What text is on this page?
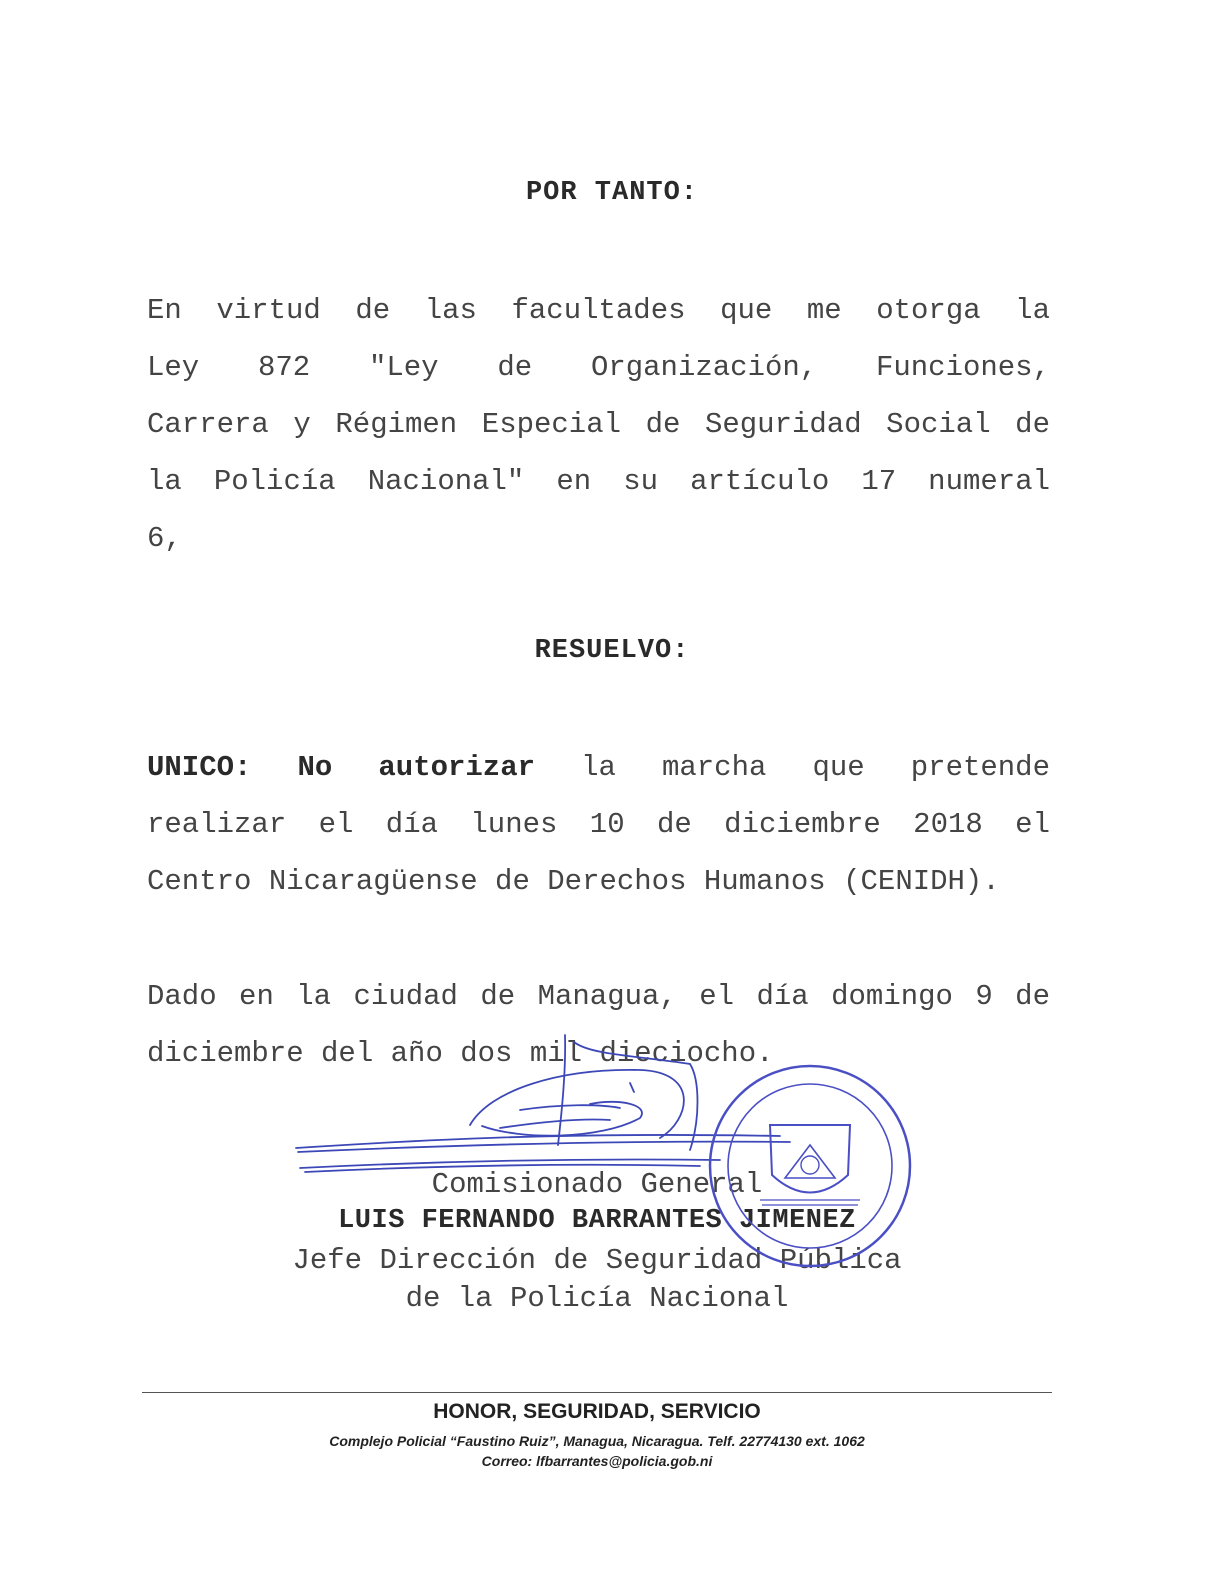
POR TANTO:
En virtud de las facultades que me otorga la
Ley 872 "Ley de Organización, Funciones,
Carrera y Régimen Especial de Seguridad Social de
la Policía Nacional" en su artículo 17 numeral
6,
RESUELVO:
UNICO: No autorizar la marcha que pretende
realizar el día lunes 10 de diciembre 2018 el
Centro Nicaragüense de Derechos Humanos (CENIDH).
Dado en la ciudad de Managua, el día domingo 9 de
diciembre del año dos mil dieciocho.
Comisionado General
LUIS FERNANDO BARRANTES JIMENEZ
Jefe Dirección de Seguridad Pública
de la Policía Nacional
HONOR, SEGURIDAD, SERVICIO
Complejo Policial “Faustino Ruiz”, Managua, Nicaragua. Telf. 22774130 ext. 1062
Correo: lfbarrantes@policia.gob.ni
